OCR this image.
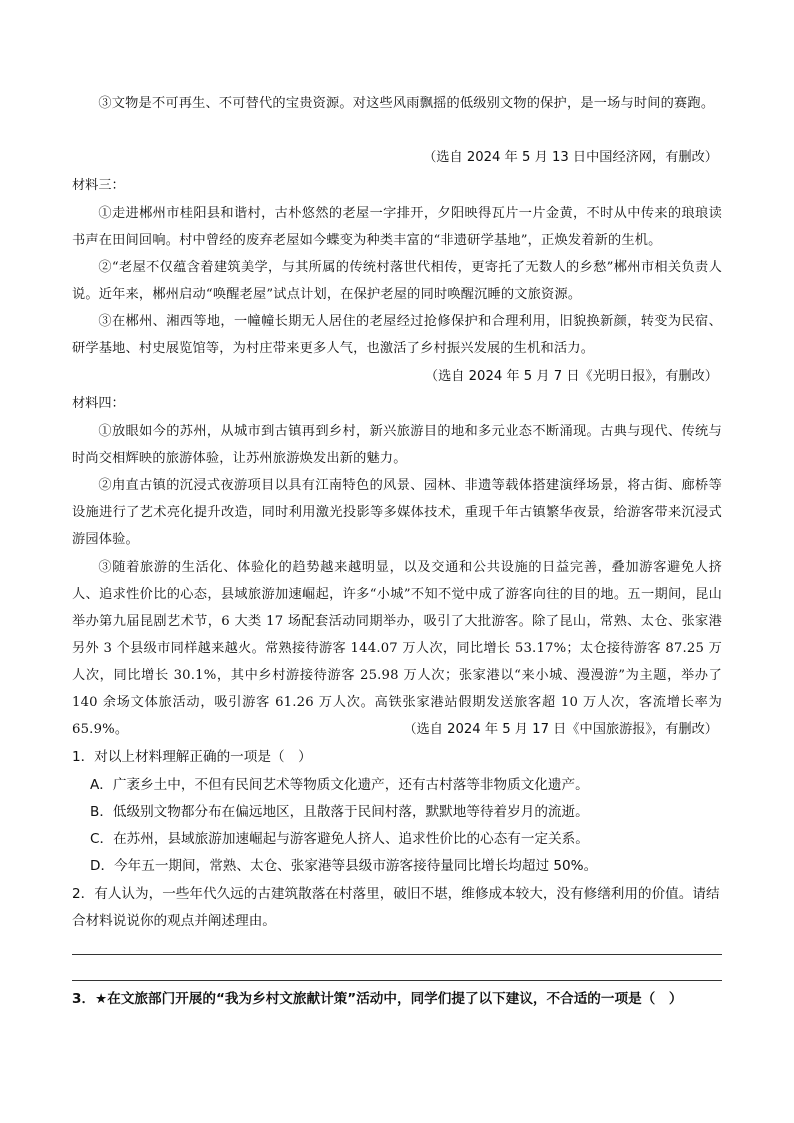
③文物是不可再生、不可替代的宝贵资源。对这些风雨飘摇的低级别文物的保护，是一场与时间的赛跑。

（选自 2024 年 5 月 13 日中国经济网，有删改）

材料三：

①走进郴州市桂阳县和谐村，古朴悠然的老屋一字排开，夕阳映得瓦片一片金黄，不时从中传来的琅琅读书声在田间回响。村中曾经的废弃老屋如今蝶变为种类丰富的“非遗研学基地”，正焕发着新的生机。

②“老屋不仅蕴含着建筑美学，与其所属的传统村落世代相传，更寄托了无数人的乡愁”郴州市相关负责人说。近年来，郴州启动“唤醒老屋”试点计划，在保护老屋的同时唤醒沉睡的文旅资源。

③在郴州、湘西等地，一幢幢长期无人居住的老屋经过抢修保护和合理利用，旧貌换新颜，转变为民宿、研学基地、村史展览馆等，为村庄带来更多人气，也激活了乡村振兴发展的生机和活力。

（选自 2024 年 5 月 7 日《光明日报》，有删改）

材料四：

①放眼如今的苏州，从城市到古镇再到乡村，新兴旅游目的地和多元业态不断涌现。古典与现代、传统与时尚交相辉映的旅游体验，让苏州旅游焕发出新的魅力。

②甪直古镇的沉浸式夜游项目以具有江南特色的风景、园林、非遗等载体搭建演绎场景，将古街、廊桥等设施进行了艺术亮化提升改造，同时利用激光投影等多媒体技术，重现千年古镇繁华夜景，给游客带来沉浸式游园体验。

③随着旅游的生活化、体验化的趋势越来越明显，以及交通和公共设施的日益完善，叠加游客避免人挤人、追求性价比的心态，县域旅游加速崛起，许多“小城”不知不觉中成了游客向往的目的地。五一期间，昆山举办第九届昆剧艺术节，6 大类 17 场配套活动同期举办，吸引了大批游客。除了昆山，常熟、太仓、张家港另外 3 个县级市同样越来越火。常熟接待游客 144.07 万人次，同比增长 53.17%；太仓接待游客 87.25 万人次，同比增长 30.1%，其中乡村游接待游客 25.98 万人次；张家港以“来小城、漫漫游”为主题，举办了 140 余场文体旅活动，吸引游客 61.26 万人次。高铁张家港站假期发送旅客超 10 万人次，客流增长率为 65.9%。	（选自 2024 年 5 月 17 日《中国旅游报》，有删改）

1．对以上材料理解正确的一项是（　）

A．广袤乡土中，不但有民间艺术等物质文化遗产，还有古村落等非物质文化遗产。

B．低级别文物都分布在偏远地区，且散落于民间村落，默默地等待着岁月的流逝。

C．在苏州，县域旅游加速崛起与游客避免人挤人、追求性价比的心态有一定关系。

D．今年五一期间，常熟、太仓、张家港等县级市游客接待量同比增长均超过 50%。

2．有人认为，一些年代久远的古建筑散落在村落里，破旧不堪，维修成本较大，没有修缮利用的价值。请结合材料说说你的观点并阐述理由。

3．★在文旅部门开展的“我为乡村文旅献计策”活动中，同学们提了以下建议，不合适的一项是（　）
